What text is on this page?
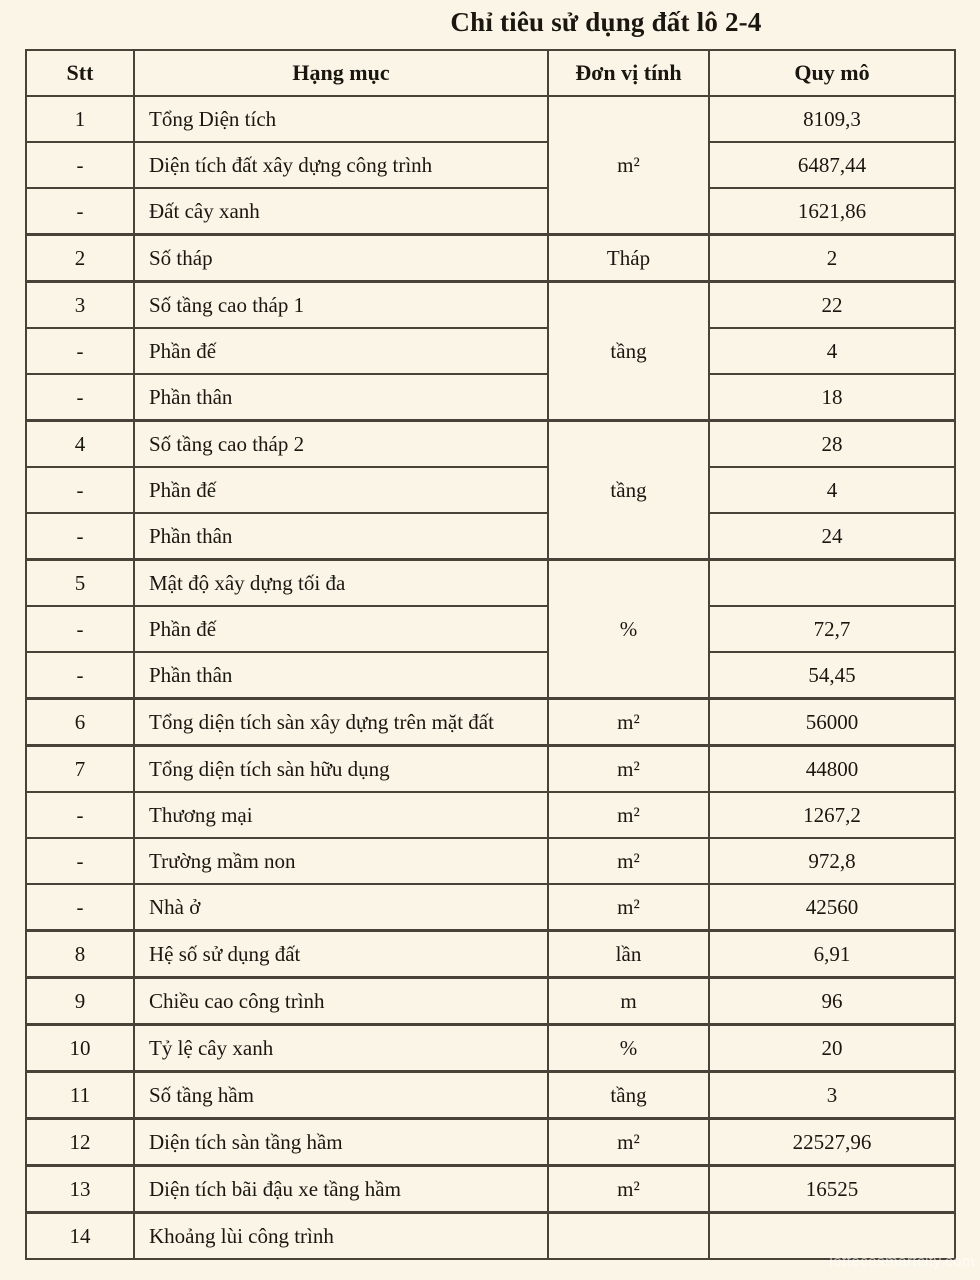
Chỉ tiêu sử dụng đất lô 2-4
Stt	Hạng mục	Đơn vị tính	Quy mô
1	Tổng Diện tích	m²	8109,3
-	Diện tích đất xây dựng công trình		6487,44
-	Đất cây xanh		1621,86
2	Số tháp	Tháp	2
3	Số tầng cao tháp 1	tầng	22
-	Phần đế		4
-	Phần thân		18
4	Số tầng cao tháp 2	tầng	28
-	Phần đế		4
-	Phần thân		24
5	Mật độ xây dựng tối đa	%	
-	Phần đế		72,7
-	Phần thân		54,45
6	Tổng diện tích sàn xây dựng trên mặt đất	m²	56000
7	Tổng diện tích sàn hữu dụng	m²	44800
-	Thương mại	m²	1267,2
-	Trường mầm non	m²	972,8
-	Nhà ở	m²	42560
8	Hệ số sử dụng đất	lần	6,91
9	Chiều cao công trình	m	96
10	Tỷ lệ cây xanh	%	20
11	Số tầng hầm	tầng	3
12	Diện tích sàn tầng hầm	m²	22527,96
13	Diện tích bãi đậu xe tầng hầm	m²	16525
14	Khoảng lùi công trình		
lottecosmartcity.com
